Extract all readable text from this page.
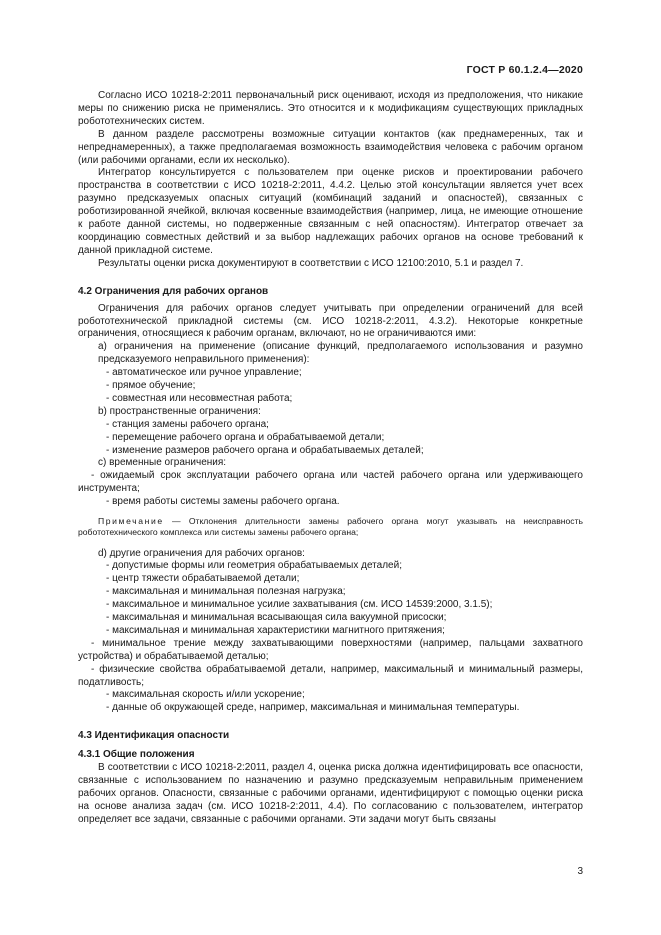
ГОСТ Р 60.1.2.4—2020

Согласно ИСО 10218-2:2011 первоначальный риск оценивают, исходя из предположения, что никакие меры по снижению риска не применялись. Это относится и к модификациям существующих прикладных робототехнических систем.

В данном разделе рассмотрены возможные ситуации контактов (как преднамеренных, так и непреднамеренных), а также предполагаемая возможность взаимодействия человека с рабочим органом (или рабочими органами, если их несколько).

Интегратор консультируется с пользователем при оценке рисков и проектировании рабочего пространства в соответствии с ИСО 10218-2:2011, 4.4.2. Целью этой консультации является учет всех разумно предсказуемых опасных ситуаций (комбинаций заданий и опасностей), связанных с роботизированной ячейкой, включая косвенные взаимодействия (например, лица, не имеющие отношение к работе данной системы, но подверженные связанным с ней опасностям). Интегратор отвечает за координацию совместных действий и за выбор надлежащих рабочих органов на основе требований к данной прикладной системе.

Результаты оценки риска документируют в соответствии с ИСО 12100:2010, 5.1 и раздел 7.

4.2 Ограничения для рабочих органов

Ограничения для рабочих органов следует учитывать при определении ограничений для всей робототехнической прикладной системы (см. ИСО 10218-2:2011, 4.3.2). Некоторые конкретные ограничения, относящиеся к рабочим органам, включают, но не ограничиваются ими:

a) ограничения на применение (описание функций, предполагаемого использования и разумно предсказуемого неправильного применения):

- автоматическое или ручное управление;

- прямое обучение;

- совместная или несовместная работа;

b) пространственные ограничения:

- станция замены рабочего органа;

- перемещение рабочего органа и обрабатываемой детали;

- изменение размеров рабочего органа и обрабатываемых деталей;

c) временные ограничения:

- ожидаемый срок эксплуатации рабочего органа или частей рабочего органа или удерживающего инструмента;

- время работы системы замены рабочего органа.

Примечание — Отклонения длительности замены рабочего органа могут указывать на неисправность робототехнического комплекса или системы замены рабочего органа;

d) другие ограничения для рабочих органов:

- допустимые формы или геометрия обрабатываемых деталей;

- центр тяжести обрабатываемой детали;

- максимальная и минимальная полезная нагрузка;

- максимальное и минимальное усилие захватывания (см. ИСО 14539:2000, 3.1.5);

- максимальная и минимальная всасывающая сила вакуумной присоски;

- максимальная и минимальная характеристики магнитного притяжения;

- минимальное трение между захватывающими поверхностями (например, пальцами захватного устройства) и обрабатываемой деталью;

- физические свойства обрабатываемой детали, например, максимальный и минимальный размеры, податливость;

- максимальная скорость и/или ускорение;

- данные об окружающей среде, например, максимальная и минимальная температуры.

4.3 Идентификация опасности

4.3.1 Общие положения

В соответствии с ИСО 10218-2:2011, раздел 4, оценка риска должна идентифицировать все опасности, связанные с использованием по назначению и разумно предсказуемым неправильным применением рабочих органов. Опасности, связанные с рабочими органами, идентифицируют с помощью оценки риска на основе анализа задач (см. ИСО 10218-2:2011, 4.4). По согласованию с пользователем, интегратор определяет все задачи, связанные с рабочими органами. Эти задачи могут быть связаны

3
